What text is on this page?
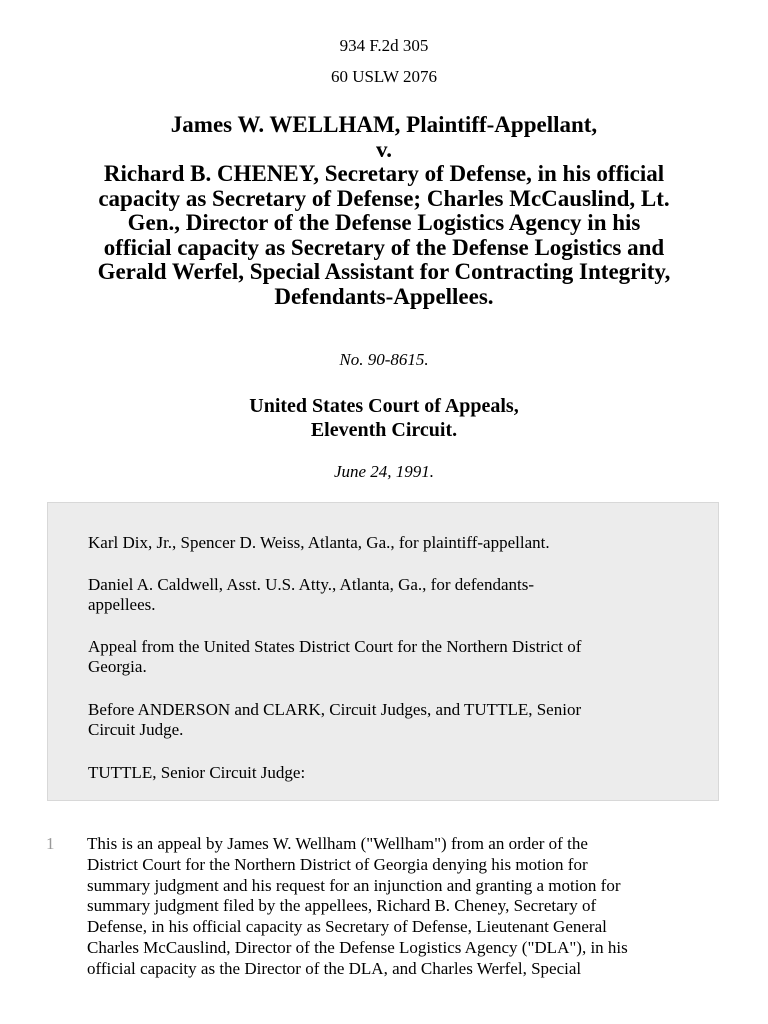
934 F.2d 305
60 USLW 2076
James W. WELLHAM, Plaintiff-Appellant,
v.
Richard B. CHENEY, Secretary of Defense, in his official
capacity as Secretary of Defense; Charles McCauslind, Lt.
Gen., Director of the Defense Logistics Agency in his
official capacity as Secretary of the Defense Logistics and
Gerald Werfel, Special Assistant for Contracting Integrity,
Defendants-Appellees.
No. 90-8615.
United States Court of Appeals,
Eleventh Circuit.
June 24, 1991.

Karl Dix, Jr., Spencer D. Weiss, Atlanta, Ga., for plaintiff-appellant.

Daniel A. Caldwell, Asst. U.S. Atty., Atlanta, Ga., for defendants-
appellees.

Appeal from the United States District Court for the Northern District of
Georgia.

Before ANDERSON and CLARK, Circuit Judges, and TUTTLE, Senior
Circuit Judge.

TUTTLE, Senior Circuit Judge:

1 This is an appeal by James W. Wellham ("Wellham") from an order of the
District Court for the Northern District of Georgia denying his motion for
summary judgment and his request for an injunction and granting a motion for
summary judgment filed by the appellees, Richard B. Cheney, Secretary of
Defense, in his official capacity as Secretary of Defense, Lieutenant General
Charles McCauslind, Director of the Defense Logistics Agency ("DLA"), in his
official capacity as the Director of the DLA, and Charles Werfel, Special
